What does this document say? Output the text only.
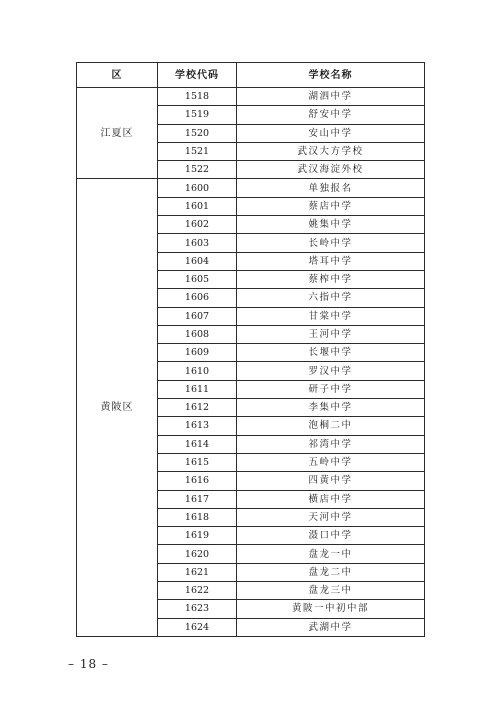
区	学校代码	学校名称
江夏区	1518	湖泗中学
	1519	舒安中学
	1520	安山中学
	1521	武汉大方学校
	1522	武汉海淀外校
黄陂区	1600	单独报名
	1601	蔡店中学
	1602	姚集中学
	1603	长岭中学
	1604	塔耳中学
	1605	蔡榨中学
	1606	六指中学
	1607	甘棠中学
	1608	王河中学
	1609	长堰中学
	1610	罗汉中学
	1611	研子中学
	1612	李集中学
	1613	泡桐二中
	1614	祁湾中学
	1615	五岭中学
	1616	四黄中学
	1617	横店中学
	1618	天河中学
	1619	滠口中学
	1620	盘龙一中
	1621	盘龙二中
	1622	盘龙三中
	1623	黄陂一中初中部
	1624	武湖中学
– 18 –
